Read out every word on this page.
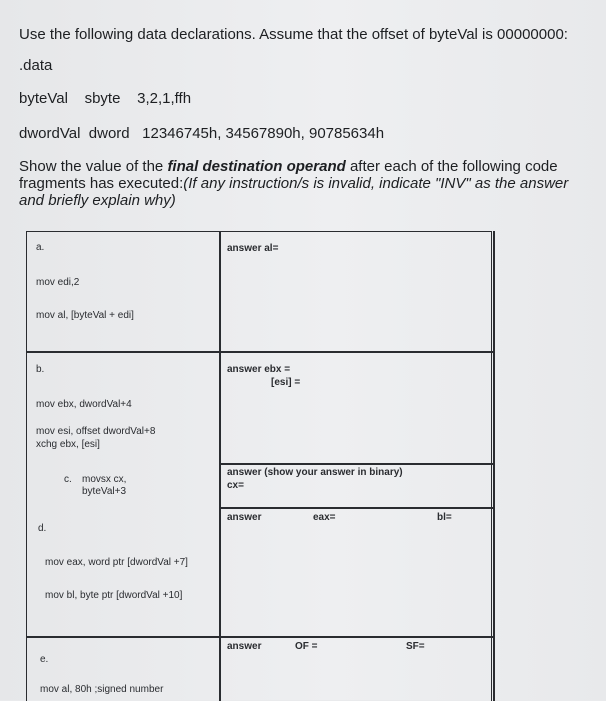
Use the following data declarations. Assume that the offset of byteVal is 00000000:
.data
byteVal sbyte 3,2,1,ffh
dwordVal dword 12346745h, 34567890h, 90785634h
Show the value of the final destination operand after each of the following code fragments has executed:(If any instruction/s is invalid, indicate "INV" as the answer and briefly explain why)
a.
mov edi,2
mov al, [byteVal + edi]
answer al=
b.
mov ebx, dwordVal+4
mov esi, offset dwordVal+8
xchg ebx, [esi]
answer ebx =
[esi] =
c. movsx cx,
byteVal+3
answer (show your answer in binary)
cx=
d.
mov eax, word ptr [dwordVal +7]
mov bl, byte ptr [dwordVal +10]
answer	eax=	bl=
e.
mov al, 80h ;signed number
answer	OF =	SF=
